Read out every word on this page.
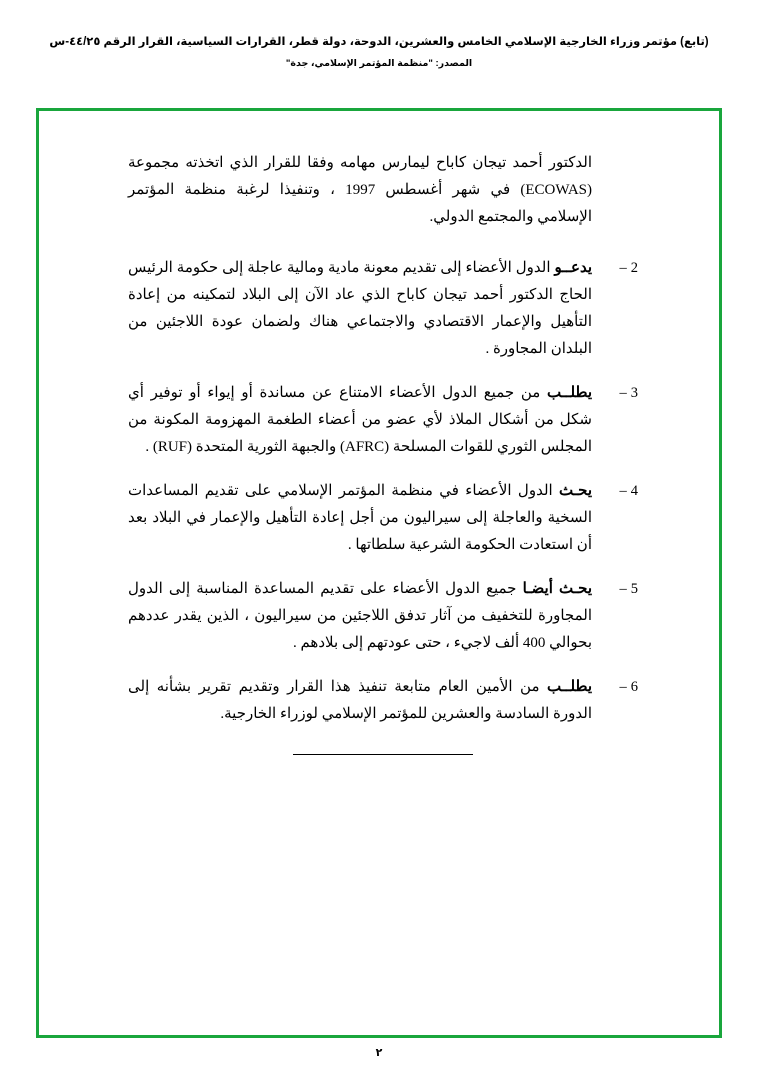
(تابع) مؤتمر وزراء الخارجية الإسلامي الخامس والعشرين، الدوحة، دولة قطر، القرارات السياسية، القرار الرقم ٤٤/٢٥-س
المصدر: "منظمة المؤتمر الإسلامي، جدة"
الدكتور أحمد تيجان كاباح ليمارس مهامه وفقا للقرار الذي اتخذته مجموعة (ECOWAS) في شهر أغسطس 1997 ، وتنفيذا لرغبة منظمة المؤتمر الإسلامي والمجتمع الدولي.
2–
يدعــو الدول الأعضاء إلى تقديم معونة مادية ومالية عاجلة إلى حكومة الرئيس الحاج الدكتور أحمد تيجان كاباح الذي عاد الآن إلى البلاد لتمكينه من إعادة التأهيل والإعمار الاقتصادي والاجتماعي هناك ولضمان عودة اللاجئين من البلدان المجاورة .
3–
يطلــب من جميع الدول الأعضاء الامتناع عن مساندة أو إيواء أو توفير أي شكل من أشكال الملاذ لأي عضو من أعضاء الطغمة المهزومة المكونة من المجلس الثوري للقوات المسلحة (AFRC) والجبهة الثورية المتحدة (RUF) .
4–
يحـث الدول الأعضاء في منظمة المؤتمر الإسلامي على تقديم المساعدات السخية والعاجلة إلى سيراليون من أجل إعادة التأهيل والإعمار في البلاد بعد أن استعادت الحكومة الشرعية سلطاتها .
5–
يحـث أيضـا جميع الدول الأعضاء على تقديم المساعدة المناسبة إلى الدول المجاورة للتخفيف من آثار تدفق اللاجئين من سيراليون ، الذين يقدر عددهم بحوالي 400 ألف لاجيء ، حتى عودتهم إلى بلادهم .
6–
يطلــب من الأمين العام متابعة تنفيذ هذا القرار وتقديم تقرير بشأنه إلى الدورة السادسة والعشرين للمؤتمر الإسلامي لوزراء الخارجية.
٢
